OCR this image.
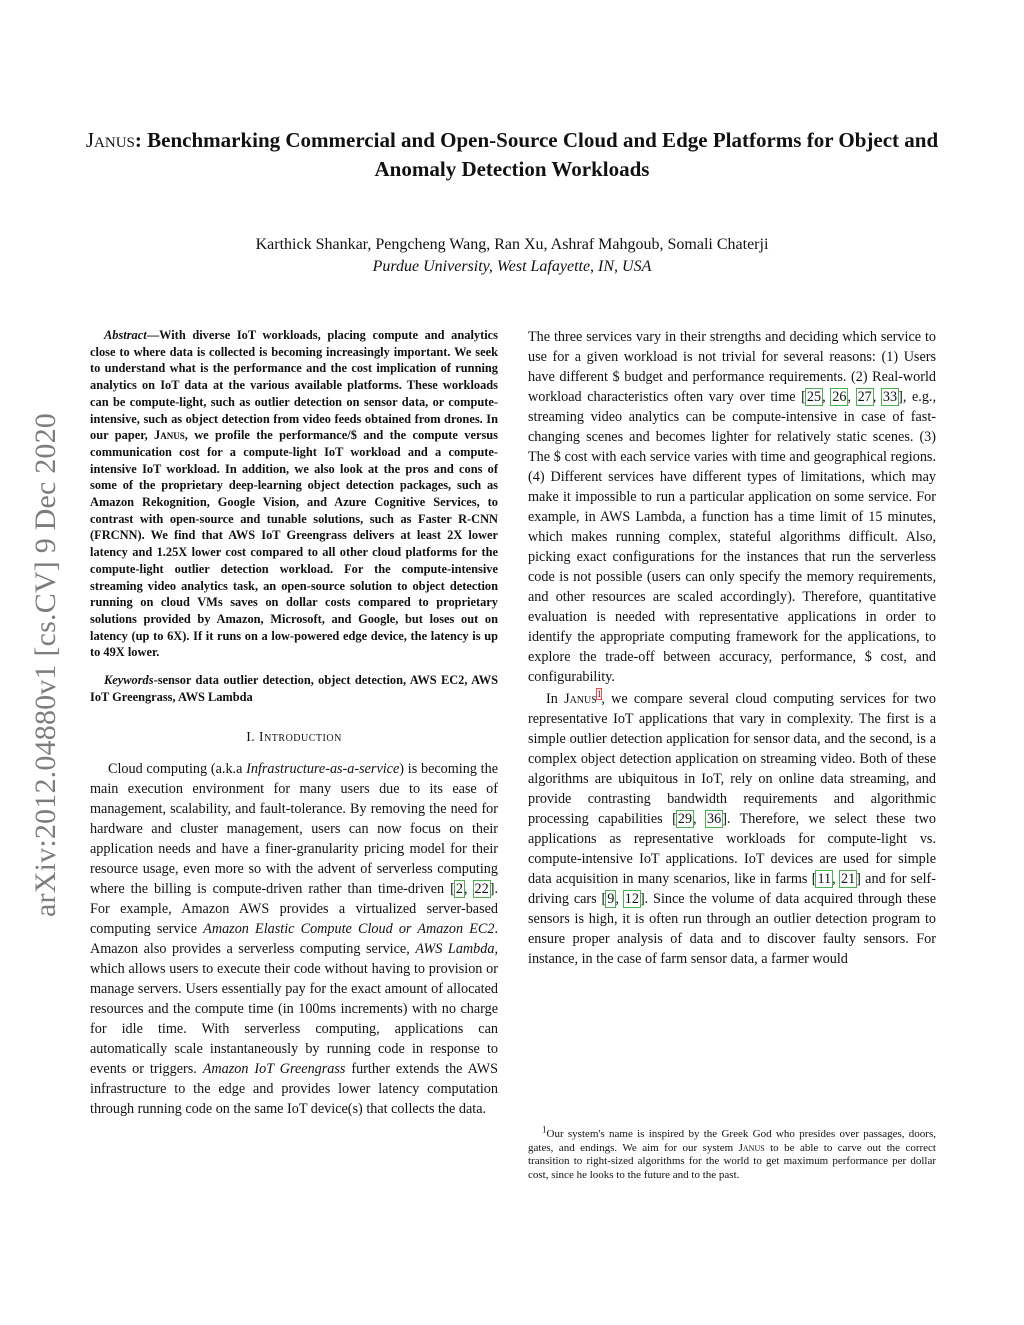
arXiv:2012.04880v1 [cs.CV] 9 Dec 2020
Janus: Benchmarking Commercial and Open-Source Cloud and Edge Platforms for Object and Anomaly Detection Workloads
Karthick Shankar, Pengcheng Wang, Ran Xu, Ashraf Mahgoub, Somali Chaterji
Purdue University, West Lafayette, IN, USA

Abstract—With diverse IoT workloads, placing compute and analytics close to where data is collected is becoming increasingly important. We seek to understand what is the performance and the cost implication of running analytics on IoT data at the various available platforms. These workloads can be compute-light, such as outlier detection on sensor data, or compute-intensive, such as object detection from video feeds obtained from drones. In our paper, Janus, we profile the performance/$ and the compute versus communication cost for a compute-light IoT workload and a compute-intensive IoT workload. In addition, we also look at the pros and cons of some of the proprietary deep-learning object detection packages, such as Amazon Rekognition, Google Vision, and Azure Cognitive Services, to contrast with open-source and tunable solutions, such as Faster R-CNN (FRCNN). We find that AWS IoT Greengrass delivers at least 2X lower latency and 1.25X lower cost compared to all other cloud platforms for the compute-light outlier detection workload. For the compute-intensive streaming video analytics task, an open-source solution to object detection running on cloud VMs saves on dollar costs compared to proprietary solutions provided by Amazon, Microsoft, and Google, but loses out on latency (up to 6X). If it runs on a low-powered edge device, the latency is up to 49X lower.

Keywords-sensor data outlier detection, object detection, AWS EC2, AWS IoT Greengrass, AWS Lambda

I. Introduction

Cloud computing (a.k.a Infrastructure-as-a-service) is becoming the main execution environment for many users due to its ease of management, scalability, and fault-tolerance. By removing the need for hardware and cluster management, users can now focus on their application needs and have a finer-granularity pricing model for their resource usage, even more so with the advent of serverless computing where the billing is compute-driven rather than time-driven [2, 22]. For example, Amazon AWS provides a virtualized server-based computing service Amazon Elastic Compute Cloud or Amazon EC2. Amazon also provides a serverless computing service, AWS Lambda, which allows users to execute their code without having to provision or manage servers. Users essentially pay for the exact amount of allocated resources and the compute time (in 100ms increments) with no charge for idle time. With serverless computing, applications can automatically scale instantaneously by running code in response to events or triggers. Amazon IoT Greengrass further extends the AWS infrastructure to the edge and provides lower latency computation through running code on the same IoT device(s) that collects the data.

The three services vary in their strengths and deciding which service to use for a given workload is not trivial for several reasons: (1) Users have different $ budget and performance requirements. (2) Real-world workload characteristics often vary over time [25, 26, 27, 33], e.g., streaming video analytics can be compute-intensive in case of fast-changing scenes and becomes lighter for relatively static scenes. (3) The $ cost with each service varies with time and geographical regions. (4) Different services have different types of limitations, which may make it impossible to run a particular application on some service. For example, in AWS Lambda, a function has a time limit of 15 minutes, which makes running complex, stateful algorithms difficult. Also, picking exact configurations for the instances that run the serverless code is not possible (users can only specify the memory requirements, and other resources are scaled accordingly). Therefore, quantitative evaluation is needed with representative applications in order to identify the appropriate computing framework for the applications, to explore the trade-off between accuracy, performance, $ cost, and configurability.

In Janus$^1$, we compare several cloud computing services for two representative IoT applications that vary in complexity. The first is a simple outlier detection application for sensor data, and the second, is a complex object detection application on streaming video. Both of these algorithms are ubiquitous in IoT, rely on online data streaming, and provide contrasting bandwidth requirements and algorithmic processing capabilities [29, 36]. Therefore, we select these two applications as representative workloads for compute-light vs. compute-intensive IoT applications. IoT devices are used for simple data acquisition in many scenarios, like in farms [11, 21] and for self-driving cars [9, 12]. Since the volume of data acquired through these sensors is high, it is often run through an outlier detection program to ensure proper analysis of data and to discover faulty sensors. For instance, in the case of farm sensor data, a farmer would

$^1$Our system's name is inspired by the Greek God who presides over passages, doors, gates, and endings. We aim for our system Janus to be able to carve out the correct transition to right-sized algorithms for the world to get maximum performance per dollar cost, since he looks to the future and to the past.
